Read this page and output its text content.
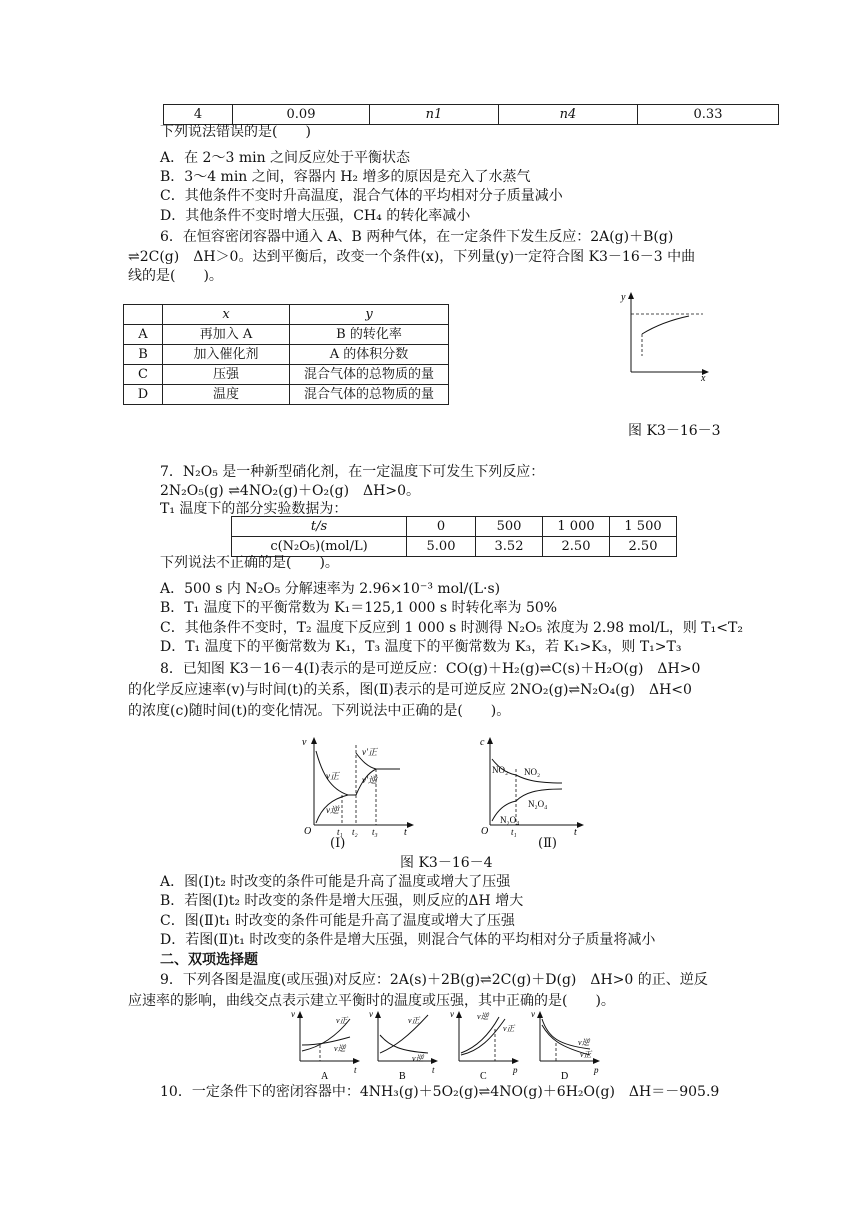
4	0.09	n1	n4	0.33
下列说法错误的是(　　)
A．在 2～3 min 之间反应处于平衡状态
B．3～4 min 之间，容器内 H₂ 增多的原因是充入了水蒸气
C．其他条件不变时升高温度，混合气体的平均相对分子质量减小
D．其他条件不变时增大压强，CH₄ 的转化率减小
6．在恒容密闭容器中通入 A、B 两种气体，在一定条件下发生反应：2A(g)＋B(g)
⇌2C(g)　ΔH＞0。达到平衡后，改变一个条件(x)，下列量(y)一定符合图 K3－16－3 中曲
线的是(　　)。
	x	y
A	再加入 A	B 的转化率
B	加入催化剂	A 的体积分数
C	压强	混合气体的总物质的量
D	温度	混合气体的总物质的量
y
x
图 K3－16－3
7．N₂O₅ 是一种新型硝化剂，在一定温度下可发生下列反应：
2N₂O₅(g) ⇌4NO₂(g)＋O₂(g)　ΔH>0。
T₁ 温度下的部分实验数据为：
t/s	0	500	1 000	1 500
c(N₂O₅)(mol/L)	5.00	3.52	2.50	2.50
下列说法不正确的是(　　)。
A．500 s 内 N₂O₅ 分解速率为 2.96×10⁻³ mol/(L·s)
B．T₁ 温度下的平衡常数为 K₁＝125,1 000 s 时转化率为 50%
C．其他条件不变时，T₂ 温度下反应到 1 000 s 时测得 N₂O₅ 浓度为 2.98 mol/L，则 T₁<T₂
D．T₁ 温度下的平衡常数为 K₁，T₃ 温度下的平衡常数为 K₃，若 K₁>K₃，则 T₁>T₃
8．已知图 K3－16－4(Ⅰ)表示的是可逆反应：CO(g)＋H₂(g)⇌C(s)＋H₂O(g)　ΔH>0
的化学反应速率(v)与时间(t)的关系，图(Ⅱ)表示的是可逆反应 2NO₂(g)⇌N₂O₄(g)　ΔH<0
的浓度(c)随时间(t)的变化情况。下列说法中正确的是(　　)。
v
O	t₁ t₂ t₃	t
v正
v逆
v′正
v′逆
(Ⅰ)
c
O	t₁	t
NO₂ NO₂
N₂O₄
N₂O₄
(Ⅱ)
图 K3－16－4
A．图(Ⅰ)t₂ 时改变的条件可能是升高了温度或增大了压强
B．若图(Ⅰ)t₂ 时改变的条件是增大压强，则反应的ΔH 增大
C．图(Ⅱ)t₁ 时改变的条件可能是升高了温度或增大了压强
D．若图(Ⅱ)t₁ 时改变的条件是增大压强，则混合气体的平均相对分子质量将减小
二、双项选择题
9．下列各图是温度(或压强)对反应：2A(s)＋2B(g)⇌2C(g)＋D(g)　ΔH>0 的正、逆反
应速率的影响，曲线交点表示建立平衡时的温度或压强，其中正确的是(　　)。
v
t
v正
v逆
A
v
t
v正
v逆
B
v
p
v逆
v正
C
v
p
v逆
v正
D
10．一定条件下的密闭容器中：4NH₃(g)＋5O₂(g)⇌4NO(g)＋6H₂O(g)　ΔH＝－905.9
